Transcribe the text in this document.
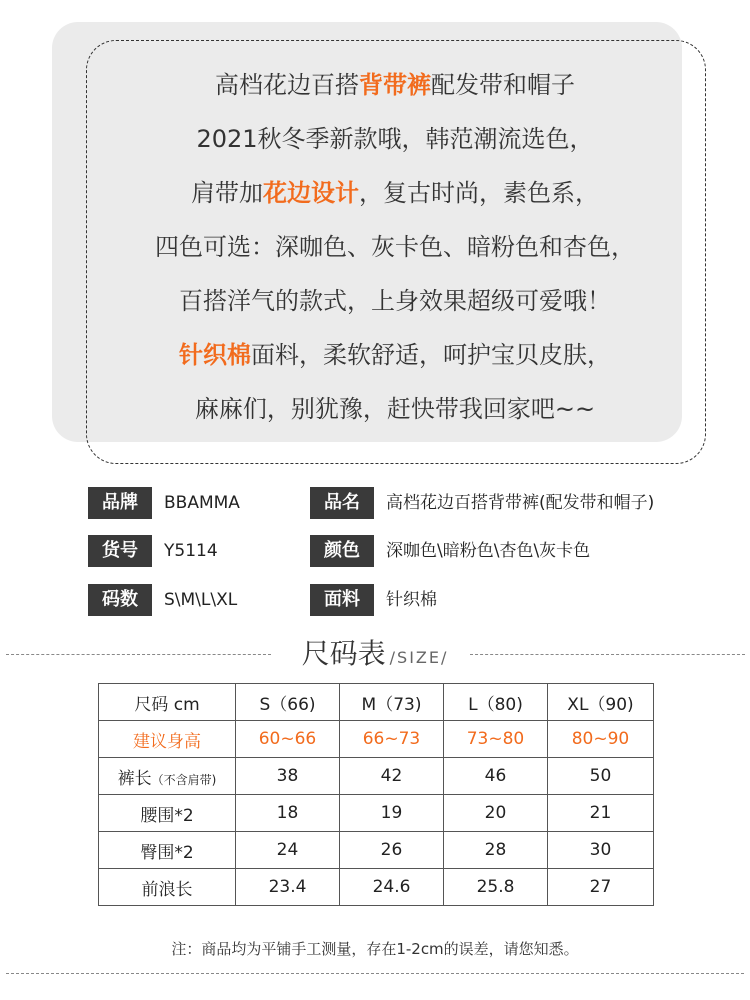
高档花边百搭背带裤配发带和帽子
2021秋冬季新款哦，韩范潮流选色，
肩带加花边设计，复古时尚，素色系，
四色可选：深咖色、灰卡色、暗粉色和杏色，
百搭洋气的款式，上身效果超级可爱哦！
针织棉面料，柔软舒适，呵护宝贝皮肤，
麻麻们，别犹豫，赶快带我回家吧~~
品牌	BBAMMA	品名	高档花边百搭背带裤(配发带和帽子)
货号	Y5114	颜色	深咖色\暗粉色\杏色\灰卡色
码数	S\M\L\XL	面料	针织棉
尺码表 /SIZE/
尺码 cm	S（66)	M（73)	L（80)	XL（90)
建议身高	60~66	66~73	73~80	80~90
裤长（不含肩带)	38	42	46	50
腰围*2	18	19	20	21
臀围*2	24	26	28	30
前浪长	23.4	24.6	25.8	27
注：商品均为平铺手工测量，存在1-2cm的误差，请您知悉。
